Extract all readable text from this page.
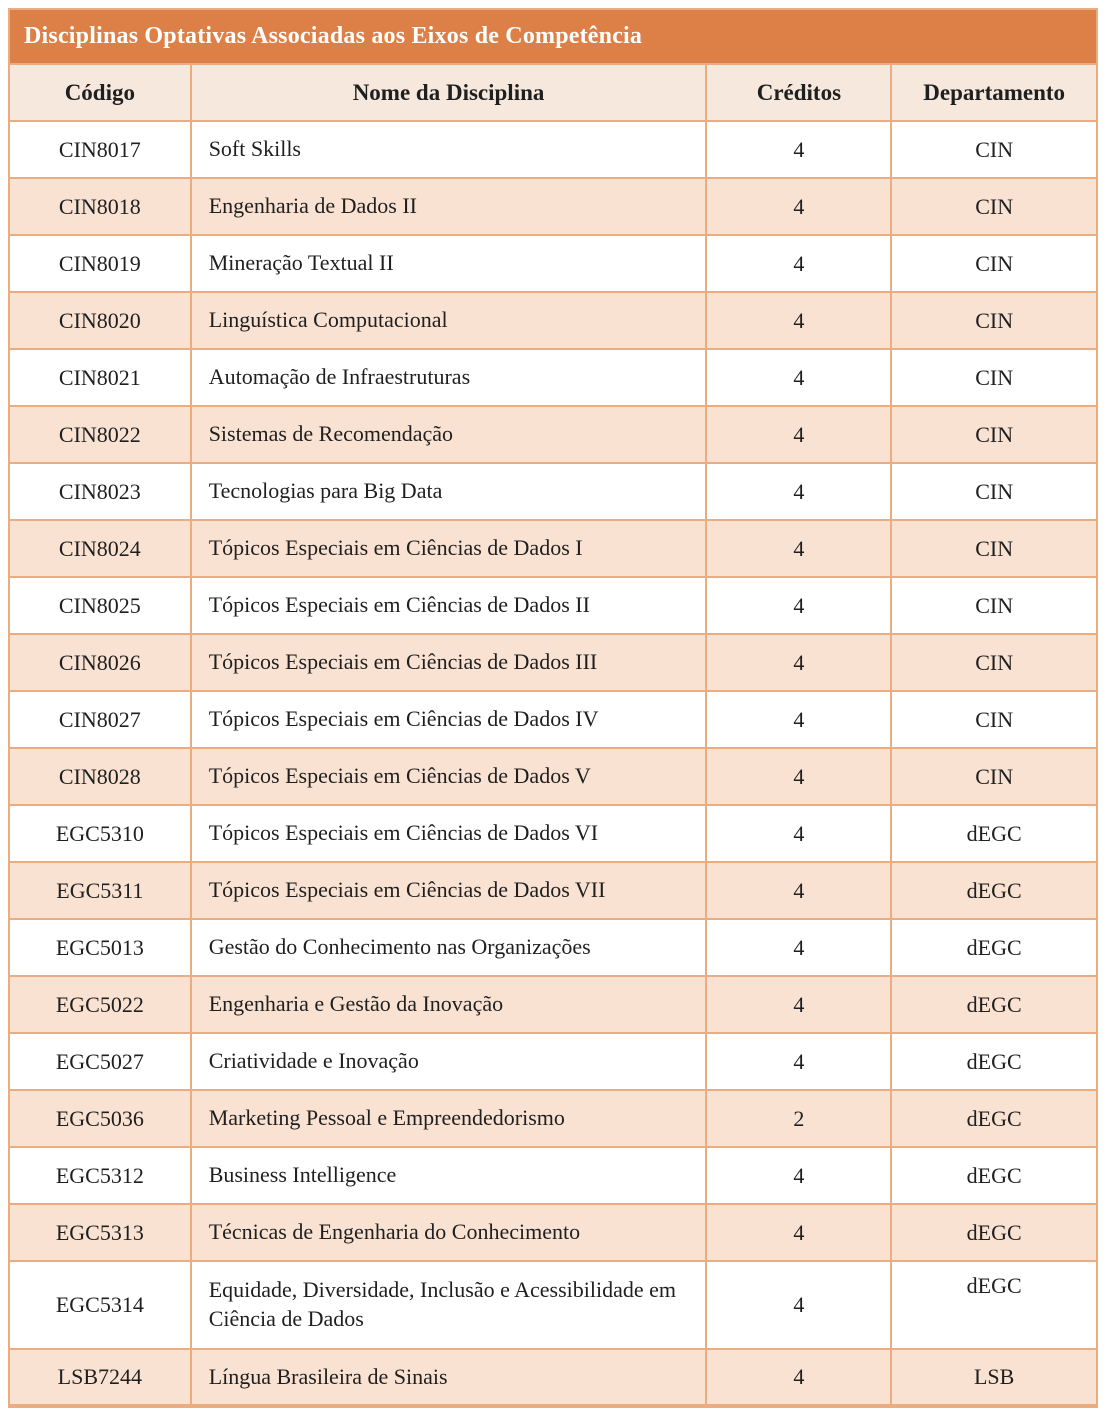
Disciplinas Optativas Associadas aos Eixos de Competência			
Código	Nome da Disciplina	Créditos	Departamento
CIN8017	Soft Skills	4	CIN
CIN8018	Engenharia de Dados II	4	CIN
CIN8019	Mineração Textual II	4	CIN
CIN8020	Linguística Computacional	4	CIN
CIN8021	Automação de Infraestruturas	4	CIN
CIN8022	Sistemas de Recomendação	4	CIN
CIN8023	Tecnologias para Big Data	4	CIN
CIN8024	Tópicos Especiais em Ciências de Dados I	4	CIN
CIN8025	Tópicos Especiais em Ciências de Dados II	4	CIN
CIN8026	Tópicos Especiais em Ciências de Dados III	4	CIN
CIN8027	Tópicos Especiais em Ciências de Dados IV	4	CIN
CIN8028	Tópicos Especiais em Ciências de Dados V	4	CIN
EGC5310	Tópicos Especiais em Ciências de Dados VI	4	dEGC
EGC5311	Tópicos Especiais em Ciências de Dados VII	4	dEGC
EGC5013	Gestão do Conhecimento nas Organizações	4	dEGC
EGC5022	Engenharia e Gestão da Inovação	4	dEGC
EGC5027	Criatividade e Inovação	4	dEGC
EGC5036	Marketing Pessoal e Empreendedorismo	2	dEGC
EGC5312	Business Intelligence	4	dEGC
EGC5313	Técnicas de Engenharia do Conhecimento	4	dEGC
EGC5314	Equidade, Diversidade, Inclusão e Acessibilidade em Ciência de Dados	4	dEGC
LSB7244	Língua Brasileira de Sinais	4	LSB
